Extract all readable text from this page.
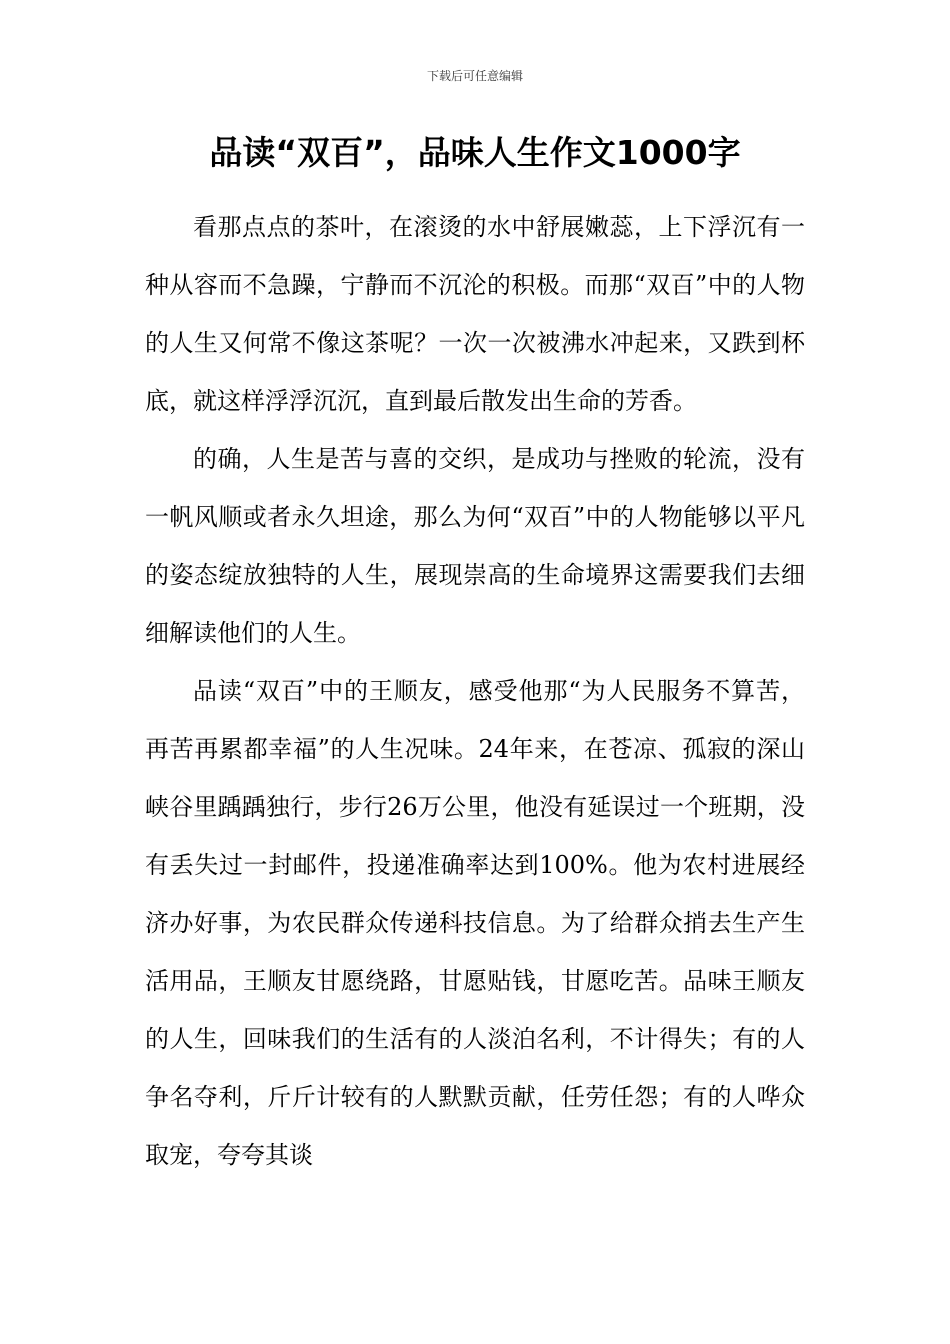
下载后可任意编辑
品读“双百”，品味人生作文1000字

看那点点的茶叶，在滚烫的水中舒展嫩蕊，上下浮沉有一种从容而不急躁，宁静而不沉沦的积极。而那“双百”中的人物的人生又何常不像这茶呢？一次一次被沸水冲起来，又跌到杯底，就这样浮浮沉沉，直到最后散发出生命的芳香。

的确，人生是苦与喜的交织，是成功与挫败的轮流，没有一帆风顺或者永久坦途，那么为何“双百”中的人物能够以平凡的姿态绽放独特的人生，展现崇高的生命境界这需要我们去细细解读他们的人生。

品读“双百”中的王顺友，感受他那“为人民服务不算苦，再苦再累都幸福”的人生况味。24年来，在苍凉、孤寂的深山峡谷里踽踽独行，步行26万公里，他没有延误过一个班期，没有丢失过一封邮件，投递准确率达到100%。他为农村进展经济办好事，为农民群众传递科技信息。为了给群众捎去生产生活用品，王顺友甘愿绕路，甘愿贴钱，甘愿吃苦。品味王顺友的人生，回味我们的生活有的人淡泊名利，不计得失；有的人争名夺利，斤斤计较有的人默默贡献，任劳任怨；有的人哗众取宠，夸夸其谈
